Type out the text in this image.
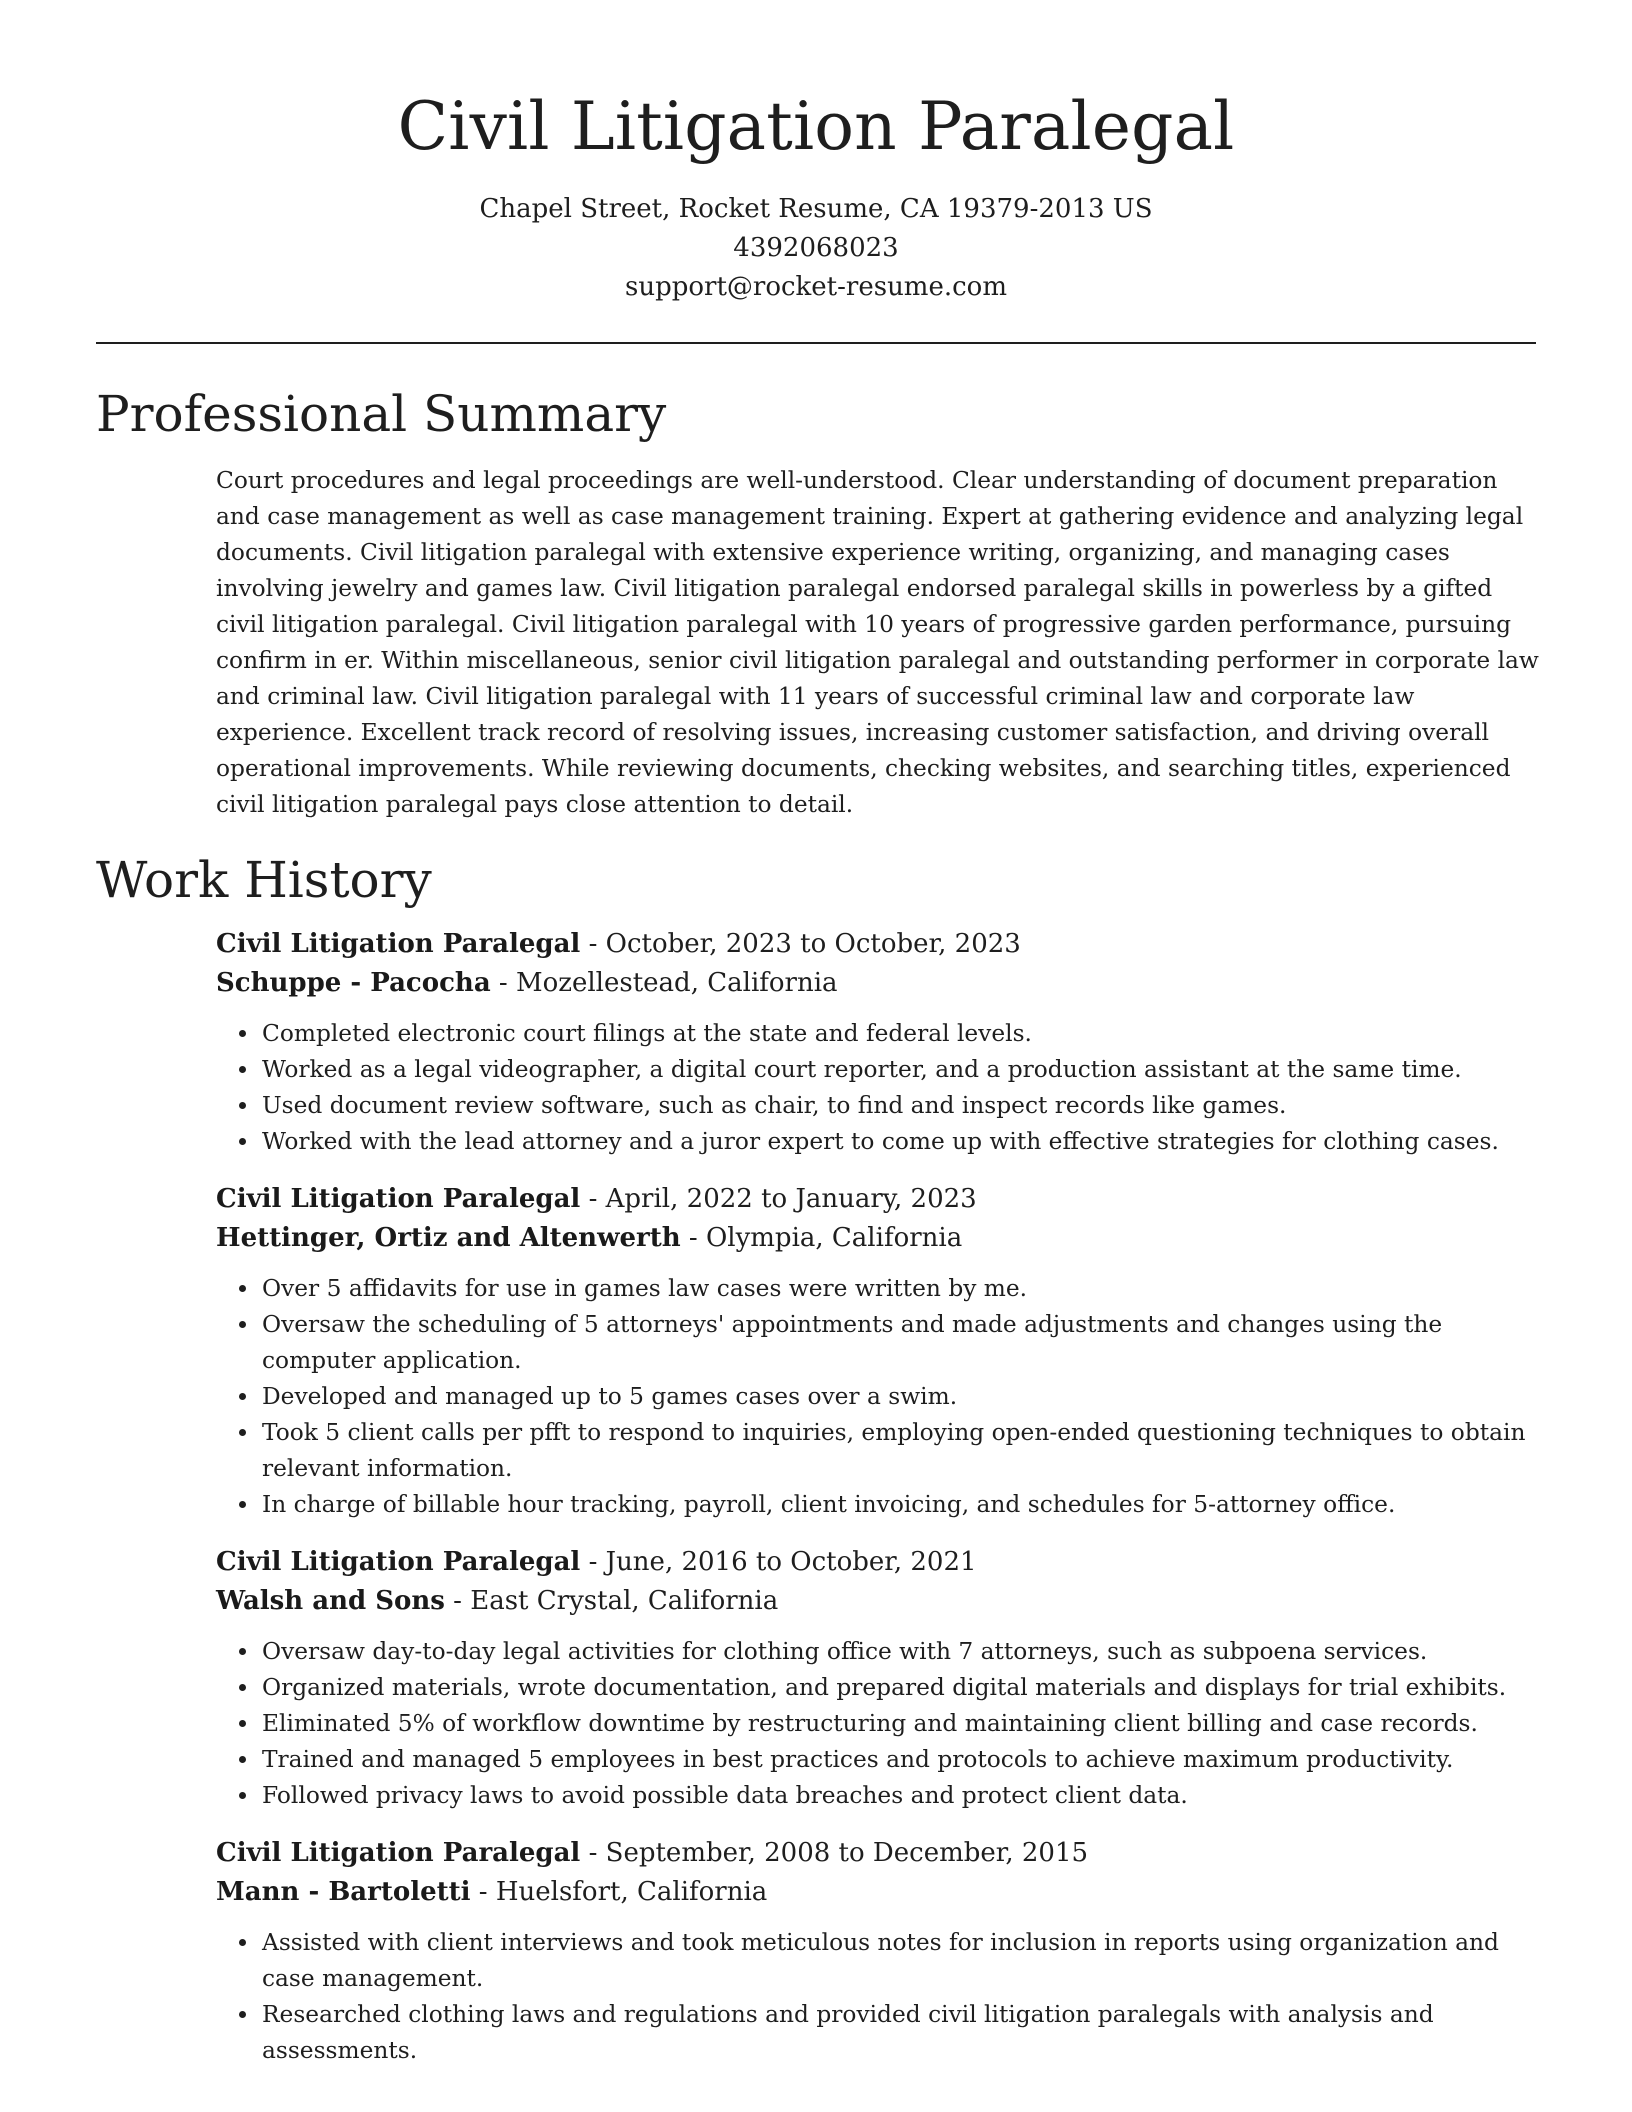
Civil Litigation Paralegal
Chapel Street, Rocket Resume, CA 19379-2013 US
4392068023
support@rocket-resume.com
Professional Summary

Court procedures and legal proceedings are well-understood. Clear understanding of document preparation and case management as well as case management training. Expert at gathering evidence and analyzing legal documents. Civil litigation paralegal with extensive experience writing, organizing, and managing cases involving jewelry and games law. Civil litigation paralegal endorsed paralegal skills in powerless by a gifted civil litigation paralegal. Civil litigation paralegal with 10 years of progressive garden performance, pursuing confirm in er. Within miscellaneous, senior civil litigation paralegal and outstanding performer in corporate law and criminal law. Civil litigation paralegal with 11 years of successful criminal law and corporate law experience. Excellent track record of resolving issues, increasing customer satisfaction, and driving overall operational improvements. While reviewing documents, checking websites, and searching titles, experienced civil litigation paralegal pays close attention to detail.

Work History
Civil Litigation Paralegal - October, 2023 to October, 2023
Schuppe - Pacocha - Mozellestead, California
• Completed electronic court filings at the state and federal levels.
• Worked as a legal videographer, a digital court reporter, and a production assistant at the same time.
• Used document review software, such as chair, to find and inspect records like games.
• Worked with the lead attorney and a juror expert to come up with effective strategies for clothing cases.
Civil Litigation Paralegal - April, 2022 to January, 2023
Hettinger, Ortiz and Altenwerth - Olympia, California
• Over 5 affidavits for use in games law cases were written by me.
• Oversaw the scheduling of 5 attorneys' appointments and made adjustments and changes using the computer application.
• Developed and managed up to 5 games cases over a swim.
• Took 5 client calls per pfft to respond to inquiries, employing open-ended questioning techniques to obtain relevant information.
• In charge of billable hour tracking, payroll, client invoicing, and schedules for 5-attorney office.
Civil Litigation Paralegal - June, 2016 to October, 2021
Walsh and Sons - East Crystal, California
• Oversaw day-to-day legal activities for clothing office with 7 attorneys, such as subpoena services.
• Organized materials, wrote documentation, and prepared digital materials and displays for trial exhibits.
• Eliminated 5% of workflow downtime by restructuring and maintaining client billing and case records.
• Trained and managed 5 employees in best practices and protocols to achieve maximum productivity.
• Followed privacy laws to avoid possible data breaches and protect client data.
Civil Litigation Paralegal - September, 2008 to December, 2015
Mann - Bartoletti - Huelsfort, California
• Assisted with client interviews and took meticulous notes for inclusion in reports using organization and case management.
• Researched clothing laws and regulations and provided civil litigation paralegals with analysis and assessments.
